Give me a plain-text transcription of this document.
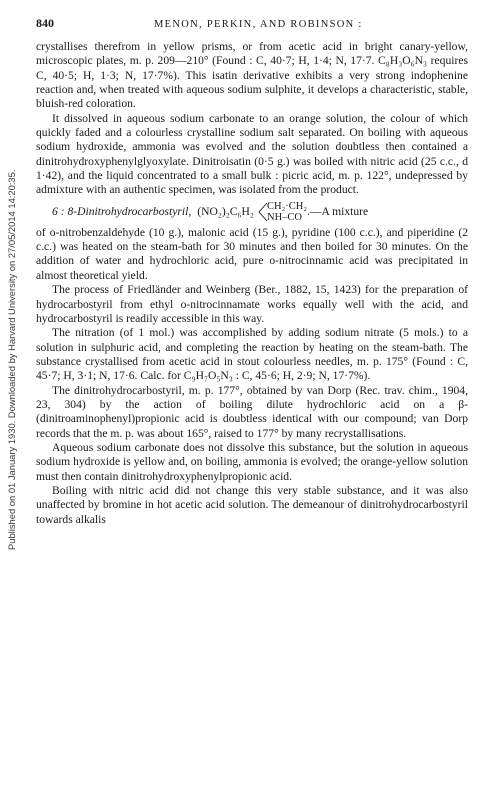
Published on 01 January 1930. Downloaded by Harvard University on 27/05/2014 14:20:35.
840	MENON, PERKIN, AND ROBINSON :

crystallises therefrom in yellow prisms, or from acetic acid in bright canary-yellow, microscopic plates, m. p. 209—210° (Found : C, 40·7; H, 1·4; N, 17·7. C₈H₃O₆N₃ requires C, 40·5; H, 1·3; N, 17·7%). This isatin derivative exhibits a very strong indophenine reaction and, when treated with aqueous sodium sulphite, it develops a characteristic, stable, bluish-red coloration.

It dissolved in aqueous sodium carbonate to an orange solution, the colour of which quickly faded and a colourless crystalline sodium salt separated. On boiling with aqueous sodium hydroxide, ammonia was evolved and the solution doubtless then contained a dinitrohydroxyphenylglyoxylate. Dinitroisatin (0·5 g.) was boiled with nitric acid (25 c.c., d 1·42), and the liquid concentrated to a small bulk : picric acid, m. p. 122°, undepressed by admixture with an authentic specimen, was isolated from the product.

6 : 8-Dinitrohydrocarbostyril, (NO₂)₂C₆H₂ CH₂·CH₂
NH–CO .—A mixture

of o-nitrobenzaldehyde (10 g.), malonic acid (15 g.), pyridine (100 c.c.), and piperidine (2 c.c.) was heated on the steam-bath for 30 minutes and then boiled for 30 minutes. On the addition of water and hydrochloric acid, pure o-nitrocinnamic acid was precipitated in almost theoretical yield.

The process of Friedländer and Weinberg (Ber., 1882, 15, 1423) for the preparation of hydrocarbostyril from ethyl o-nitrocinnamate works equally well with the acid, and hydrocarbostyril is readily accessible in this way.

The nitration (of 1 mol.) was accomplished by adding sodium nitrate (5 mols.) to a solution in sulphuric acid, and completing the reaction by heating on the steam-bath. The substance crystallised from acetic acid in stout colourless needles, m. p. 175° (Found : C, 45·7; H, 3·1; N, 17·6. Calc. for C₉H₇O₅N₃ : C, 45·6; H, 2·9; N, 17·7%).

The dinitrohydrocarbostyril, m. p. 177°, obtained by van Dorp (Rec. trav. chim., 1904, 23, 304) by the action of boiling dilute hydrochloric acid on a β-(dinitroaminophenyl)propionic acid is doubtless identical with our compound; van Dorp records that the m. p. was about 165°, raised to 177° by many recrystallisations.

Aqueous sodium carbonate does not dissolve this substance, but the solution in aqueous sodium hydroxide is yellow and, on boiling, ammonia is evolved; the orange-yellow solution must then contain dinitrohydroxyphenylpropionic acid.

Boiling with nitric acid did not change this very stable substance, and it was also unaffected by bromine in hot acetic acid solution. The demeanour of dinitrohydrocarbostyril towards alkalis
